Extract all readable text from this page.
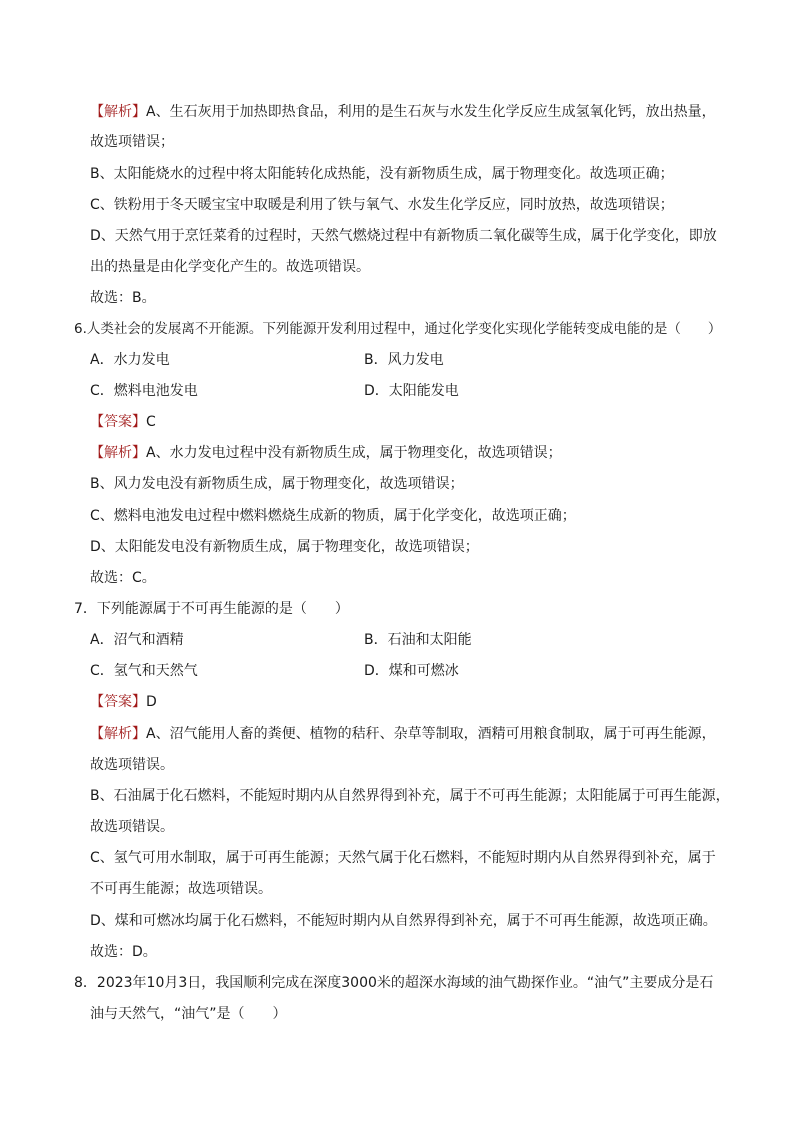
【解析】A、生石灰用于加热即热食品，利用的是生石灰与水发生化学反应生成氢氧化钙，放出热量，
故选项错误；
B、太阳能烧水的过程中将太阳能转化成热能，没有新物质生成，属于物理变化。故选项正确；
C、铁粉用于冬天暖宝宝中取暖是利用了铁与氧气、水发生化学反应，同时放热，故选项错误；
D、天然气用于烹饪菜肴的过程时，天然气燃烧过程中有新物质二氧化碳等生成，属于化学变化，即放
出的热量是由化学变化产生的。故选项错误。
故选：B。
6.人类社会的发展离不开能源。下列能源开发利用过程中，通过化学变化实现化学能转变成电能的是（　　）
A．水力发电	B．风力发电
C．燃料电池发电	D．太阳能发电
【答案】C
【解析】A、水力发电过程中没有新物质生成，属于物理变化，故选项错误；
B、风力发电没有新物质生成，属于物理变化，故选项错误；
C、燃料电池发电过程中燃料燃烧生成新的物质，属于化学变化，故选项正确；
D、太阳能发电没有新物质生成，属于物理变化，故选项错误；
故选：C。
7．下列能源属于不可再生能源的是（　　）
A．沼气和酒精	B．石油和太阳能
C．氢气和天然气	D．煤和可燃冰
【答案】D
【解析】A、沼气能用人畜的粪便、植物的秸秆、杂草等制取，酒精可用粮食制取，属于可再生能源，
故选项错误。
B、石油属于化石燃料，不能短时期内从自然界得到补充，属于不可再生能源；太阳能属于可再生能源，
故选项错误。
C、氢气可用水制取，属于可再生能源；天然气属于化石燃料，不能短时期内从自然界得到补充，属于
不可再生能源；故选项错误。
D、煤和可燃冰均属于化石燃料，不能短时期内从自然界得到补充，属于不可再生能源，故选项正确。
故选：D。
8．2023年10月3日，我国顺利完成在深度3000米的超深水海域的油气勘探作业。“油气”主要成分是石
油与天然气，“油气”是（　　）
